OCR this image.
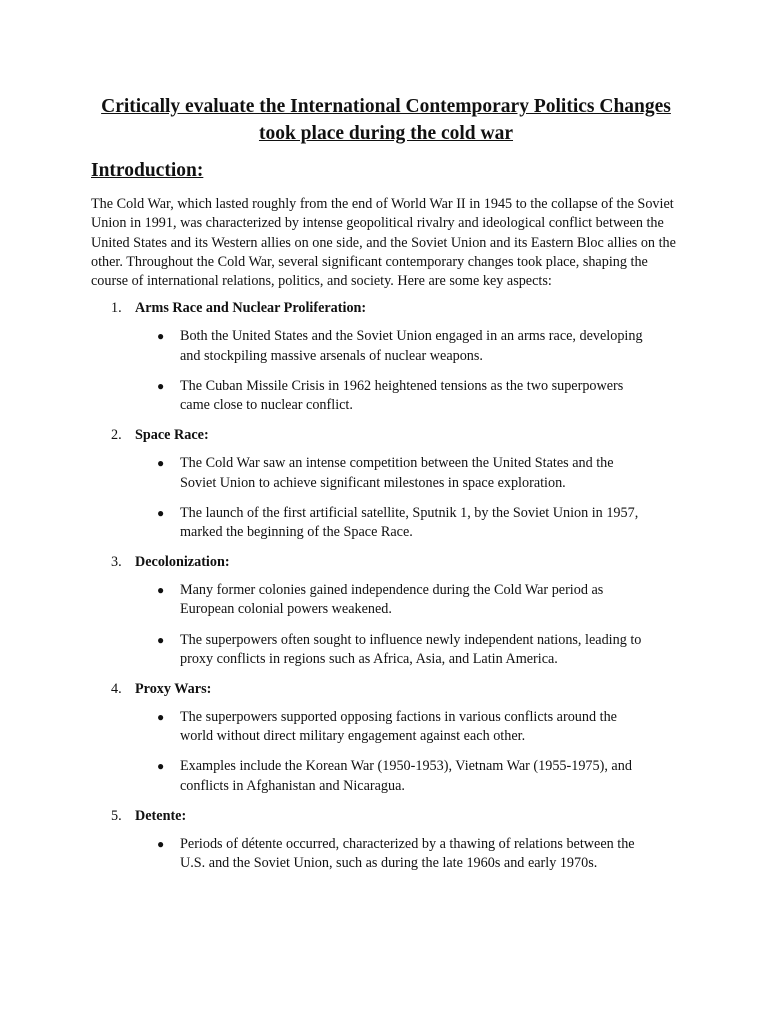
Critically evaluate the International Contemporary Politics Changes
took place during the cold war
Introduction:

The Cold War, which lasted roughly from the end of World War II in 1945 to the collapse of the Soviet Union in 1991, was characterized by intense geopolitical rivalry and ideological conflict between the United States and its Western allies on one side, and the Soviet Union and its Eastern Bloc allies on the other. Throughout the Cold War, several significant contemporary changes took place, shaping the course of international relations, politics, and society. Here are some key aspects:

1. Arms Race and Nuclear Proliferation:
● Both the United States and the Soviet Union engaged in an arms race, developing and stockpiling massive arsenals of nuclear weapons.
● The Cuban Missile Crisis in 1962 heightened tensions as the two superpowers came close to nuclear conflict.
2. Space Race:
● The Cold War saw an intense competition between the United States and the Soviet Union to achieve significant milestones in space exploration.
● The launch of the first artificial satellite, Sputnik 1, by the Soviet Union in 1957, marked the beginning of the Space Race.
3. Decolonization:
● Many former colonies gained independence during the Cold War period as European colonial powers weakened.
● The superpowers often sought to influence newly independent nations, leading to proxy conflicts in regions such as Africa, Asia, and Latin America.
4. Proxy Wars:
● The superpowers supported opposing factions in various conflicts around the world without direct military engagement against each other.
● Examples include the Korean War (1950-1953), Vietnam War (1955-1975), and conflicts in Afghanistan and Nicaragua.
5. Detente:
● Periods of détente occurred, characterized by a thawing of relations between the U.S. and the Soviet Union, such as during the late 1960s and early 1970s.
